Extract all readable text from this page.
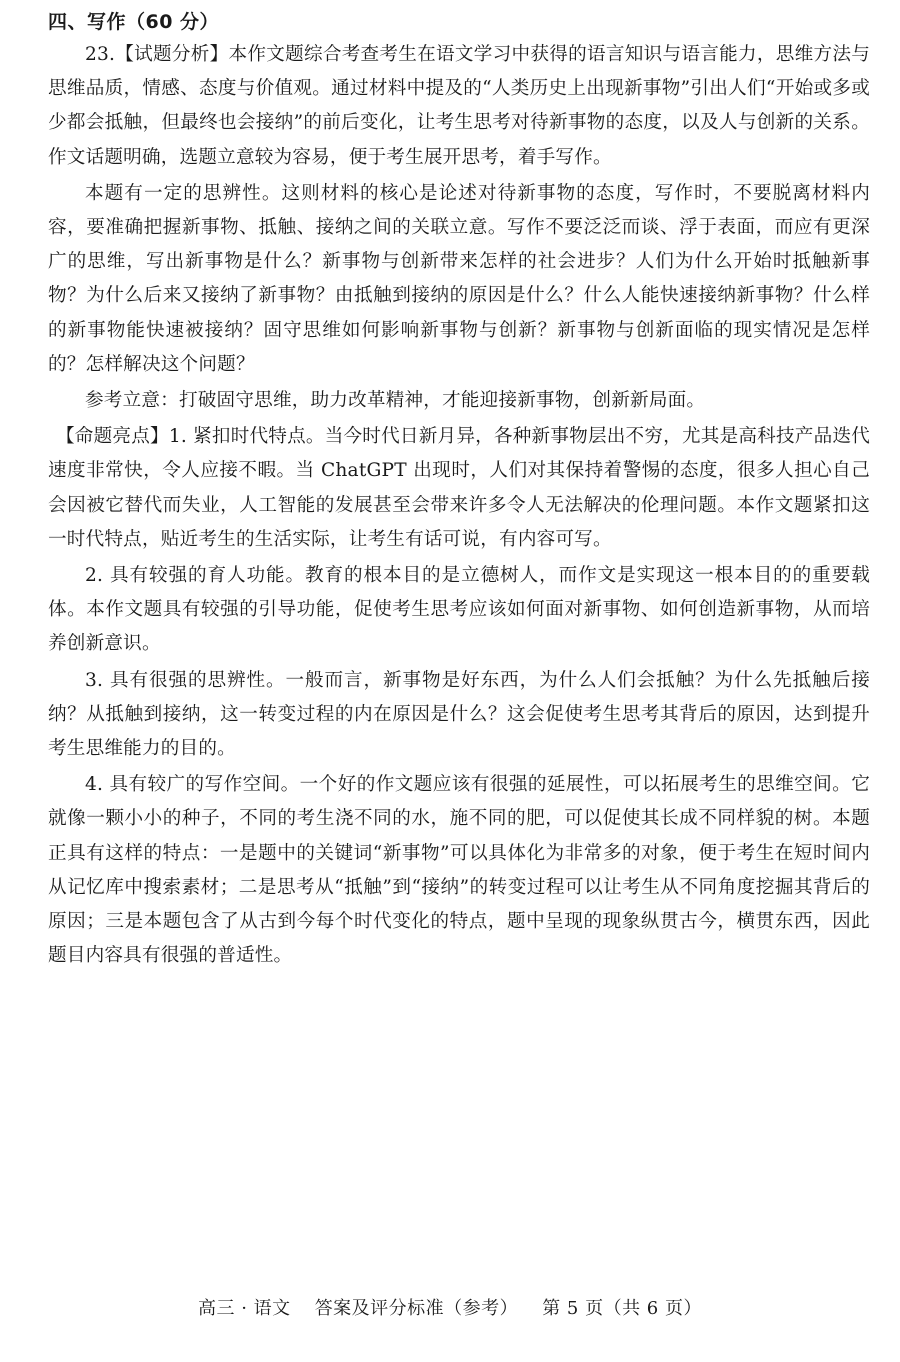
四、写作（60 分）

23.【试题分析】本作文题综合考查考生在语文学习中获得的语言知识与语言能力，思维方法与思维品质，情感、态度与价值观。通过材料中提及的“人类历史上出现新事物”引出人们“开始或多或少都会抵触，但最终也会接纳”的前后变化，让考生思考对待新事物的态度，以及人与创新的关系。作文话题明确，选题立意较为容易，便于考生展开思考，着手写作。

本题有一定的思辨性。这则材料的核心是论述对待新事物的态度，写作时，不要脱离材料内容，要准确把握新事物、抵触、接纳之间的关联立意。写作不要泛泛而谈、浮于表面，而应有更深广的思维，写出新事物是什么？新事物与创新带来怎样的社会进步？人们为什么开始时抵触新事物？为什么后来又接纳了新事物？由抵触到接纳的原因是什么？什么人能快速接纳新事物？什么样的新事物能快速被接纳？固守思维如何影响新事物与创新？新事物与创新面临的现实情况是怎样的？怎样解决这个问题？

参考立意：打破固守思维，助力改革精神，才能迎接新事物，创新新局面。

【命题亮点】1. 紧扣时代特点。当今时代日新月异，各种新事物层出不穷，尤其是高科技产品迭代速度非常快，令人应接不暇。当 ChatGPT 出现时，人们对其保持着警惕的态度，很多人担心自己会因被它替代而失业，人工智能的发展甚至会带来许多令人无法解决的伦理问题。本作文题紧扣这一时代特点，贴近考生的生活实际，让考生有话可说，有内容可写。

2. 具有较强的育人功能。教育的根本目的是立德树人，而作文是实现这一根本目的的重要载体。本作文题具有较强的引导功能，促使考生思考应该如何面对新事物、如何创造新事物，从而培养创新意识。

3. 具有很强的思辨性。一般而言，新事物是好东西，为什么人们会抵触？为什么先抵触后接纳？从抵触到接纳，这一转变过程的内在原因是什么？这会促使考生思考其背后的原因，达到提升考生思维能力的目的。

4. 具有较广的写作空间。一个好的作文题应该有很强的延展性，可以拓展考生的思维空间。它就像一颗小小的种子，不同的考生浇不同的水，施不同的肥，可以促使其长成不同样貌的树。本题正具有这样的特点：一是题中的关键词“新事物”可以具体化为非常多的对象，便于考生在短时间内从记忆库中搜索素材；二是思考从“抵触”到“接纳”的转变过程可以让考生从不同角度挖掘其背后的原因；三是本题包含了从古到今每个时代变化的特点，题中呈现的现象纵贯古今，横贯东西，因此题目内容具有很强的普适性。

高三 · 语文 答案及评分标准（参考） 第 5 页（共 6 页）
